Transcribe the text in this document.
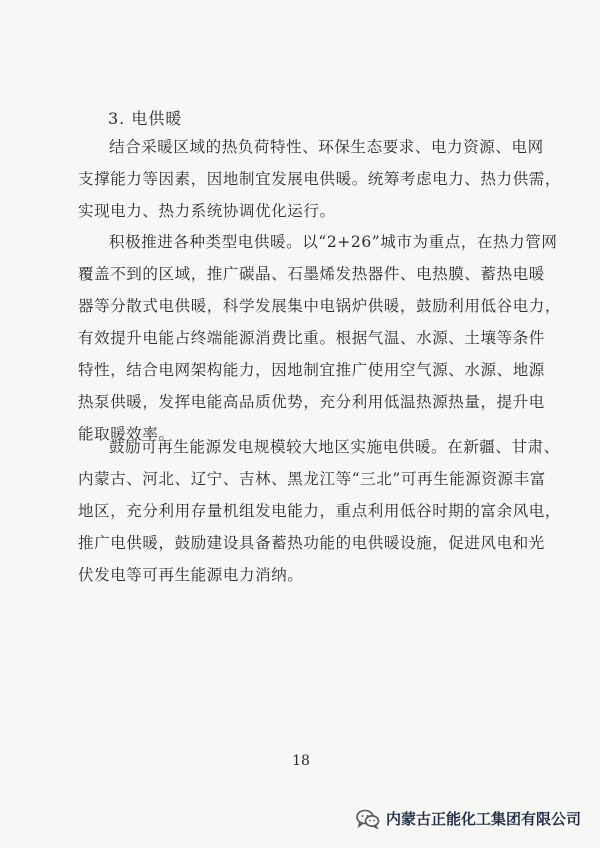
3. 电供暖
结合采暖区域的热负荷特性、环保生态要求、电力资源、电网
支撑能力等因素，因地制宜发展电供暖。统筹考虑电力、热力供需，
实现电力、热力系统协调优化运行。
积极推进各种类型电供暖。以“2+26”城市为重点，在热力管网
覆盖不到的区域，推广碳晶、石墨烯发热器件、电热膜、蓄热电暖
器等分散式电供暖，科学发展集中电锅炉供暖，鼓励利用低谷电力，
有效提升电能占终端能源消费比重。根据气温、水源、土壤等条件
特性，结合电网架构能力，因地制宜推广使用空气源、水源、地源
热泵供暖，发挥电能高品质优势，充分利用低温热源热量，提升电
能取暖效率。
鼓励可再生能源发电规模较大地区实施电供暖。在新疆、甘肃、
内蒙古、河北、辽宁、吉林、黑龙江等“三北”可再生能源资源丰富
地区，充分利用存量机组发电能力，重点利用低谷时期的富余风电，
推广电供暖，鼓励建设具备蓄热功能的电供暖设施，促进风电和光
伏发电等可再生能源电力消纳。
18
内蒙古正能化工集团有限公司
